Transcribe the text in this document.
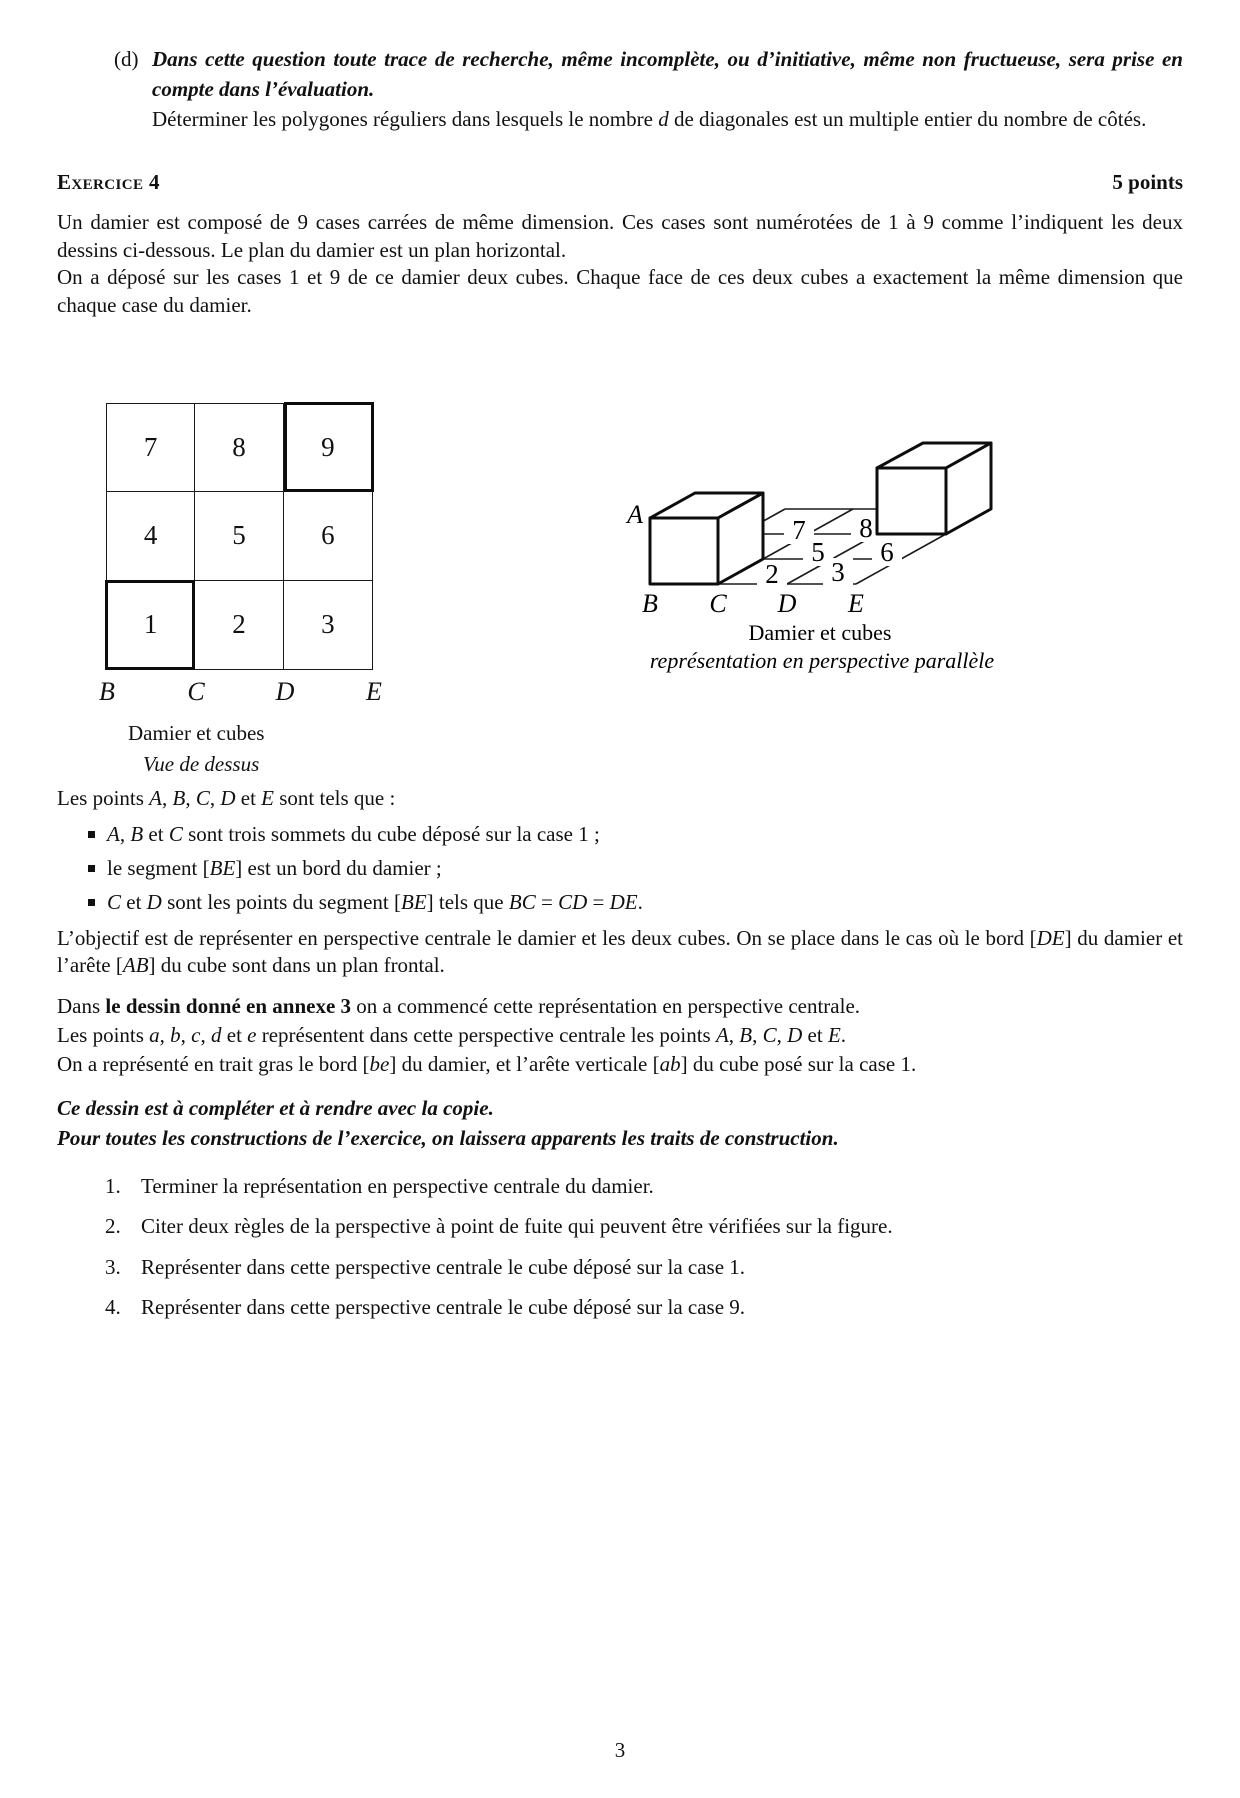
(d) Dans cette question toute trace de recherche, même incomplète, ou d’initiative, même non fructueuse, sera prise en compte dans l’évaluation.
Déterminer les polygones réguliers dans lesquels le nombre d de diagonales est un multiple entier du nombre de côtés.
Exercice 4	5 points
Un damier est composé de 9 cases carrées de même dimension. Ces cases sont numérotées de 1 à 9 comme l’indiquent les deux dessins ci-dessous. Le plan du damier est un plan horizontal.
On a déposé sur les cases 1 et 9 de ce damier deux cubes. Chaque face de ces deux cubes a exactement la même dimension que chaque case du damier.
7	8	9
4	5	6
1	2	3
B	C	D	E
Damier et cubes
Vue de dessus
7 8
5 6
2 3
A
B C D E
Damier et cubes
représentation en perspective parallèle
Les points A, B, C, D et E sont tels que :
A, B et C sont trois sommets du cube déposé sur la case 1 ;
le segment [BE] est un bord du damier ;
C et D sont les points du segment [BE] tels que BC = CD = DE.
L’objectif est de représenter en perspective centrale le damier et les deux cubes. On se place dans le cas où le bord [DE] du damier et l’arête [AB] du cube sont dans un plan frontal.
Dans le dessin donné en annexe 3 on a commencé cette représentation en perspective centrale.
Les points a, b, c, d et e représentent dans cette perspective centrale les points A, B, C, D et E.
On a représenté en trait gras le bord [be] du damier, et l’arête verticale [ab] du cube posé sur la case 1.
Ce dessin est à compléter et à rendre avec la copie.
Pour toutes les constructions de l’exercice, on laissera apparents les traits de construction.
1. Terminer la représentation en perspective centrale du damier.
2. Citer deux règles de la perspective à point de fuite qui peuvent être vérifiées sur la figure.
3. Représenter dans cette perspective centrale le cube déposé sur la case 1.
4. Représenter dans cette perspective centrale le cube déposé sur la case 9.
3
